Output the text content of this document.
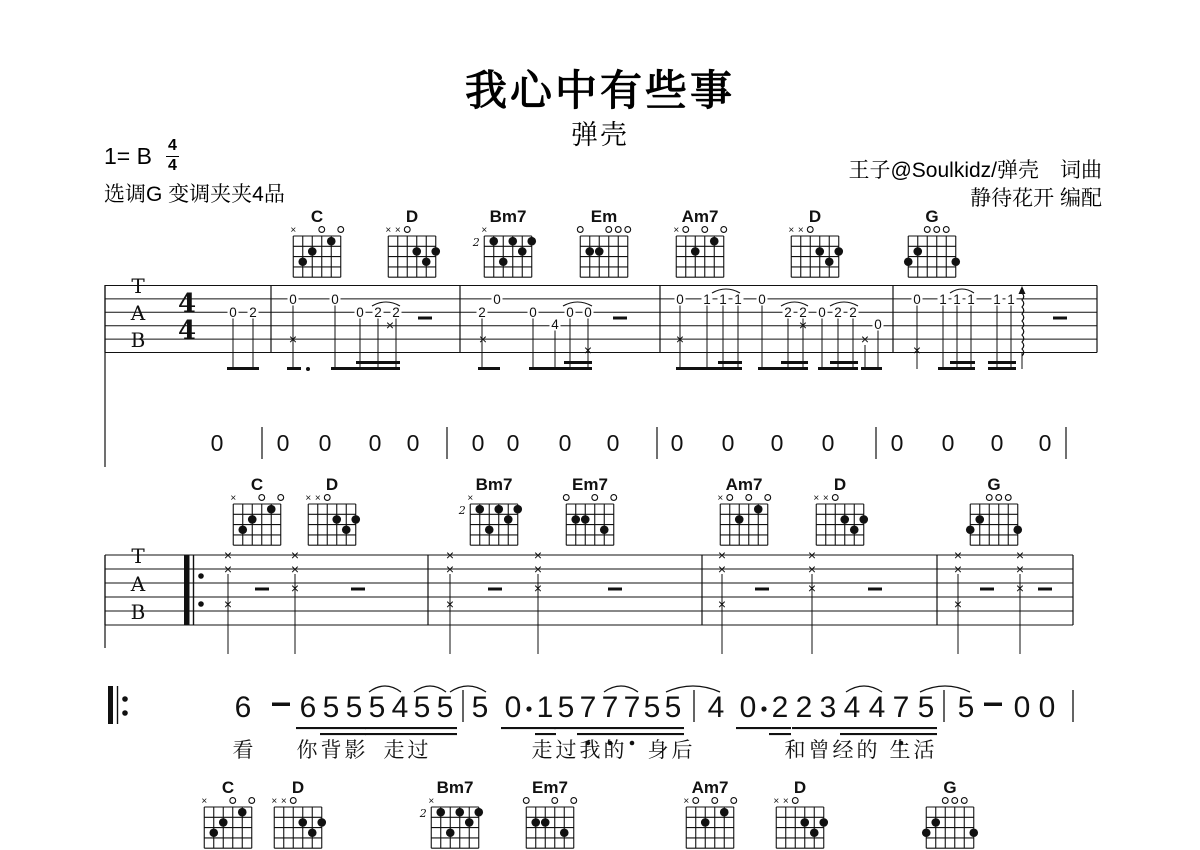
我心中有些事
弹壳
1= B $\frac{4}{4}$
选调G 变调夹夹4品
王子@Soulkidz/弹壳　词曲
静待花开 编配
C
×
D
× ×
Bm7
2
×
Em	Am7
×
D
× ×
G
C
×
D
× ×
Bm7
2
×
Em7	Am7
×
D
× ×
G
C
×
D
× ×
Bm7
2
×
Em7	Am7
×
D
× ×
G
T
A
B
4
4
0 2
0	0
0 2 2	2
0
0
4
0 0
0 1 1 1 0
2 2 0 2 2
0
0 1 1 1 1 1
×
×
×
×
×
×
×
×
T
A
B
×
×
×
×
×
×
×
×
×
×
×
×
×
×
×
×
×
×
×
×
×
×
×
×
0 0 0 0 0 0 0 0 0 0 0 0 0 0 0 0 0
6 6 5 5 5 4 5 5 5 0 1 5 7 7 7 5 5 4 0 2 2 3 4 4 7 5 5 0 0
看 你 背 影 走 过	走 过 我 的 身 后	和 曾 经 的 生 活
